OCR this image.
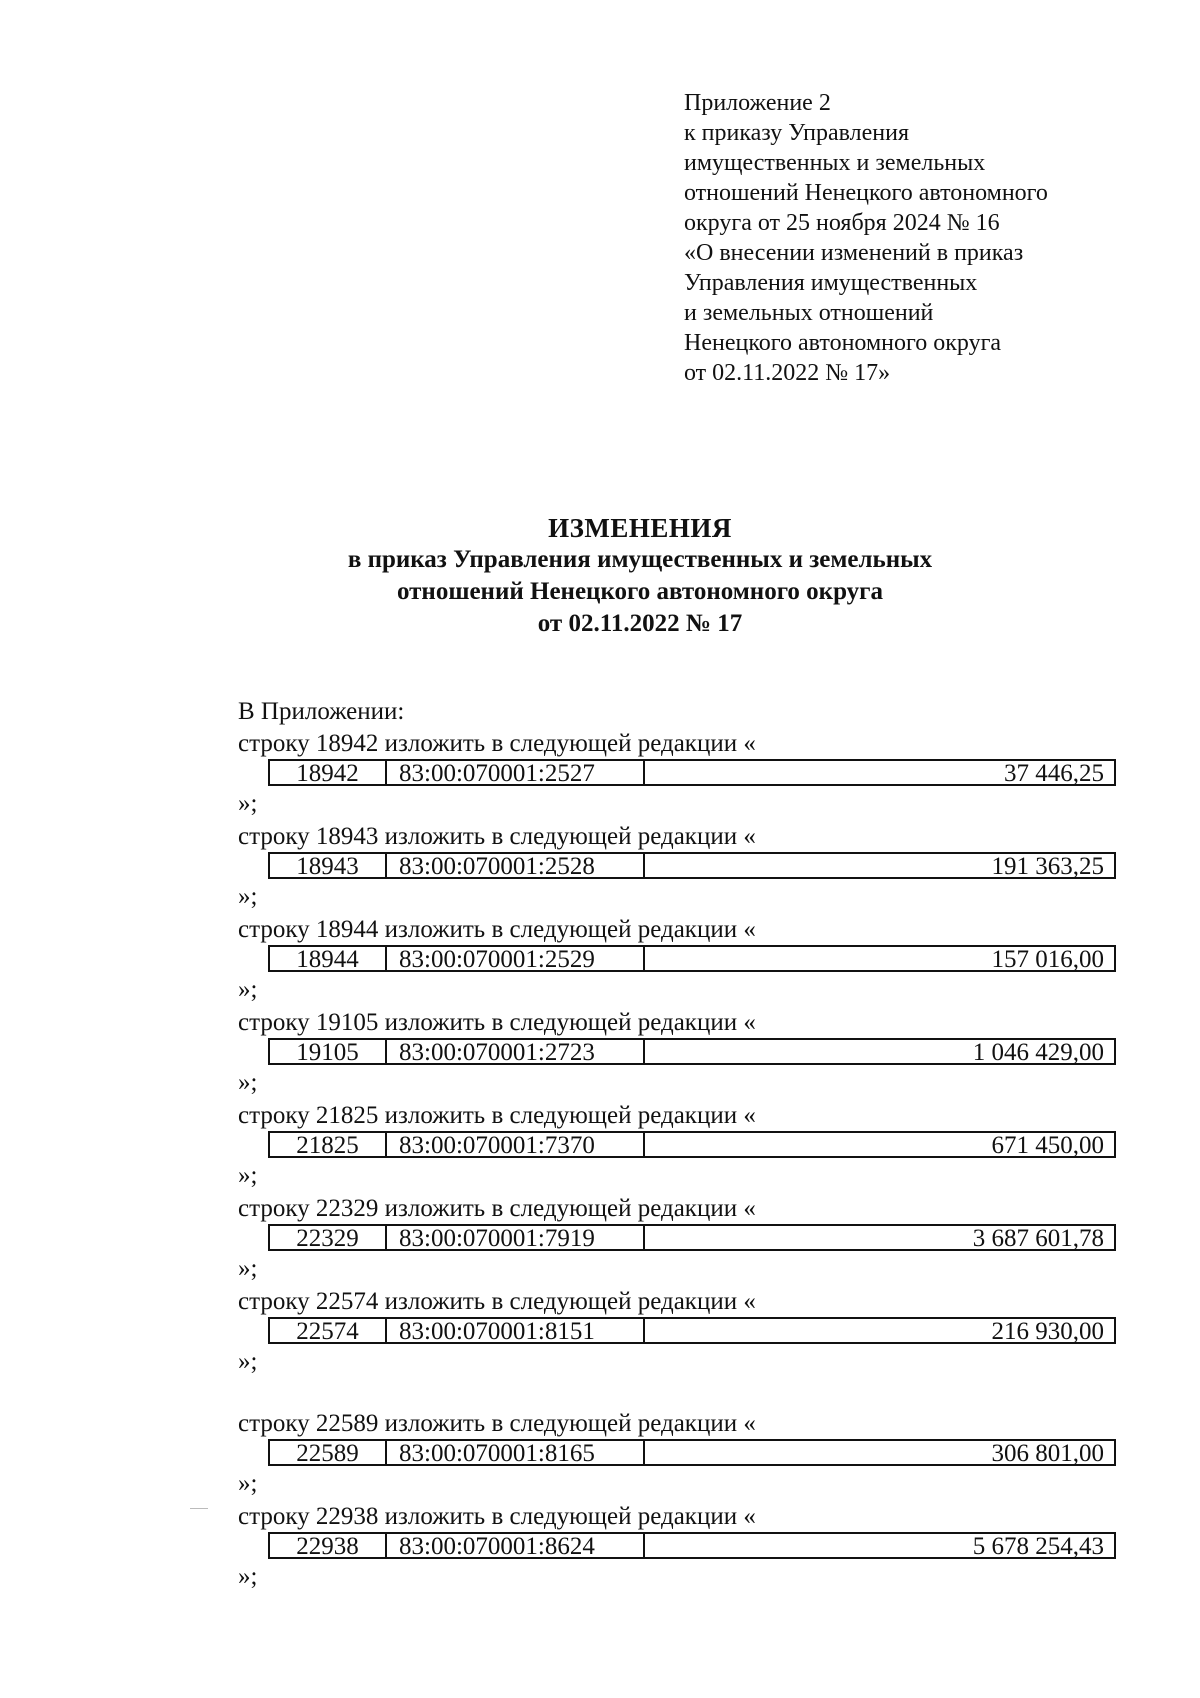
Приложение 2
к приказу Управления
имущественных и земельных
отношений Ненецкого автономного
округа от 25 ноября 2024 № 16
«О внесении изменений в приказ
Управления имущественных
и земельных отношений
Ненецкого автономного округа
от 02.11.2022 № 17»
ИЗМЕНЕНИЯ
в приказ Управления имущественных и земельных
отношений Ненецкого автономного округа
от 02.11.2022 № 17
В Приложении:
строку 18942 изложить в следующей редакции «
18942	83:00:070001:2527	37 446,25
»;
строку 18943 изложить в следующей редакции «
18943	83:00:070001:2528	191 363,25
»;
строку 18944 изложить в следующей редакции «
18944	83:00:070001:2529	157 016,00
»;
строку 19105 изложить в следующей редакции «
19105	83:00:070001:2723	1 046 429,00
»;
строку 21825 изложить в следующей редакции «
21825	83:00:070001:7370	671 450,00
»;
строку 22329 изложить в следующей редакции «
22329	83:00:070001:7919	3 687 601,78
»;
строку 22574 изложить в следующей редакции «
22574	83:00:070001:8151	216 930,00
»;
строку 22589 изложить в следующей редакции «
22589	83:00:070001:8165	306 801,00
»;
строку 22938 изложить в следующей редакции «
22938	83:00:070001:8624	5 678 254,43
»;
